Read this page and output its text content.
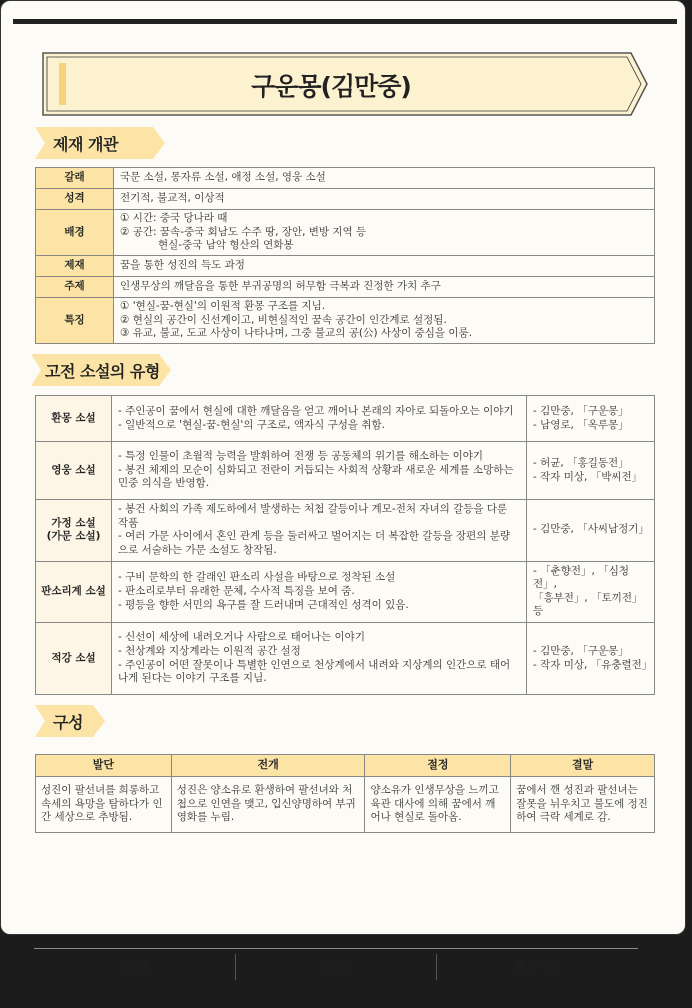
구운몽(김만중)
제재 개관
갈래	국문 소설, 몽자류 소설, 애정 소설, 영웅 소설

성격	전기적, 불교적, 이상적

배경	① 시간: 중국 당나라 때
② 공간: 꿈속-중국 회남도 수주 땅, 장안, 변방 지역 등
현실-중국 남악 형산의 연화봉

제재	꿈을 통한 성진의 득도 과정

주제	인생무상의 깨달음을 통한 부귀공명의 허무함 극복과 진정한 가치 추구

특징	① '현실-꿈-현실'의 이원적 환몽 구조를 지님.
② 현실의 공간이 신선계이고, 비현실적인 꿈속 공간이 인간계로 설정됨.
③ 유교, 불교, 도교 사상이 나타나며, 그중 불교의 공(公) 사상이 중심을 이룸.
고전 소설의 유형
환몽 소설	- 주인공이 꿈에서 현실에 대한 깨달음을 얻고 깨어나 본래의 자아로 되돌아오는 이야기
- 일반적으로 '현실-꿈-현실'의 구조로, 액자식 구성을 취함.	- 김만중, 「구운몽」
- 남영로, 「옥루몽」

영웅 소설	- 특정 인물이 초월적 능력을 발휘하여 전쟁 등 공동체의 위기를 해소하는 이야기
- 봉건 체제의 모순이 심화되고 전란이 거듭되는 사회적 상황과 새로운 세계를 소망하는 민중 의식을 반영함.	- 허균, 「홍길동전」
- 작자 미상, 「박씨전」

가정 소설
(가문 소설)	- 봉건 사회의 가족 제도하에서 발생하는 처첩 갈등이나 계모-전처 자녀의 갈등을 다룬 작품
- 여러 가문 사이에서 혼인 관계 등을 둘러싸고 벌어지는 더 복잡한 갈등을 장편의 분량으로 서술하는 가문 소설도 창작됨.	- 김만중, 「사씨남정기」

판소리계 소설	- 구비 문학의 한 갈래인 판소리 사설을 바탕으로 정착된 소설
- 판소리로부터 유래한 문체, 수사적 특징을 보여 줌.
- 평등을 향한 서민의 욕구를 잘 드러내며 근대적인 성격이 있음.	- 「춘향전」, 「심청전」,
「흥부전」, 「토끼전」 등

적강 소설	- 신선이 세상에 내려오거나 사람으로 태어나는 이야기
- 천상계와 지상계라는 이원적 공간 설정
- 주인공이 어떤 잘못이나 특별한 인연으로 천상계에서 내려와 지상계의 인간으로 태어나게 된다는 이야기 구조를 지님.	- 김만중, 「구운몽」
- 작자 미상, 「유충렬전」
구성
발단	전개	절정	결말
성진이 팔선녀를 희롱하고 속세의 욕망을 탐하다가 인간 세상으로 추방됨.	성진은 양소유로 환생하여 팔선녀와 처첩으로 인연을 맺고, 입신양명하여 부귀영화를 누림.	양소유가 인생무상을 느끼고 육관 대사에 의해 꿈에서 깨어나 현실로 돌아옴.	꿈에서 깬 성진과 팔선녀는 잘못을 뉘우치고 불도에 정진하여 극락 세계로 감.
구운몽	김만중	핵심 정리
